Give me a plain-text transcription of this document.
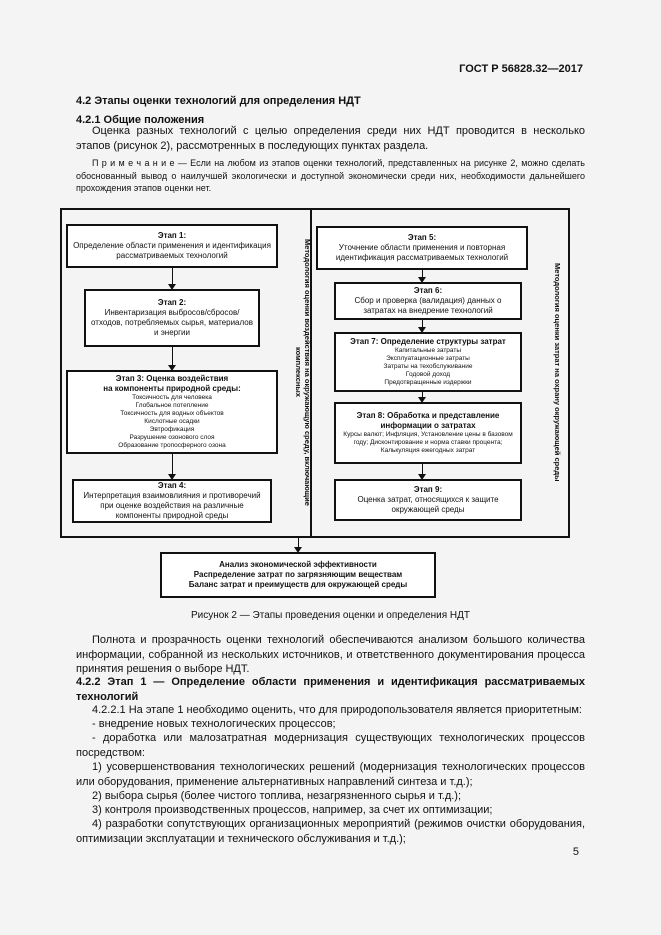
ГОСТ Р 56828.32—2017
4.2 Этапы оценки технологий для определения НДТ
4.2.1 Общие положения
Оценка разных технологий с целью определения среди них НДТ проводится в несколько этапов (рисунок 2), рассмотренных в последующих пунктах раздела.
П р и м е ч а н и е — Если на любом из этапов оценки технологий, представленных на рисунке 2, можно сделать обоснованный вывод о наилучшей экологически и доступной экономически среди них, необходимости дальнейшего прохождения этапов оценки нет.
Этап 1:
Определение области применения и идентификация рассматриваемых технологий
Этап 2:
Инвентаризация выбросов/сбросов/отходов, потребляемых сырья, материалов и энергии
Этап 3: Оценка воздействия
на компоненты природной среды:
Токсичность для человека
Глобальное потепление
Токсичность для водных объектов
Кислотные осадки
Эвтрофикация
Разрушение озонового слоя
Образование тропосферного озона
Этап 4:
Интерпретация взаимовлияния и противоречий при оценке воздействия на различные компоненты природной среды
Методология оценки воздействия на окружающую среду, включающие комплексных
Этап 5:
Уточнение области применения и повторная идентификация рассматриваемых технологий
Этап 6:
Сбор и проверка (валидация) данных о затратах на внедрение технологий
Этап 7: Определение структуры затрат
Капитальные затраты
Эксплуатационные затраты
Затраты на техобслуживание
Годовой доход
Предотвращенные издержки
Этап 8: Обработка и представление информации о затратах
Курсы валют; Инфляция, Установление цены в базовом году; Дисконтирование и норма ставки процента; Калькуляция ежегодных затрат
Этап 9:
Оценка затрат, относящихся к защите окружающей среды
Методология оценки затрат на охрану окружающей среды
Анализ экономической эффективности
Распределение затрат по загрязняющим веществам
Баланс затрат и преимуществ для окружающей среды
Рисунок 2 — Этапы проведения оценки и определения НДТ
Полнота и прозрачность оценки технологий обеспечиваются анализом большого количества информации, собранной из нескольких источников, и ответственного документирования процесса принятия решения о выборе НДТ.
4.2.2 Этап 1 — Определение области применения и идентификация рассматриваемых технологий
4.2.2.1 На этапе 1 необходимо оценить, что для природопользователя является приоритетным:
- внедрение новых технологических процессов;
- доработка или малозатратная модернизация существующих технологических процессов посредством:
1) усовершенствования технологических решений (модернизация технологических процессов или оборудования, применение альтернативных направлений синтеза и т.д.);
2) выбора сырья (более чистого топлива, незагрязненного сырья и т.д.);
3) контроля производственных процессов, например, за счет их оптимизации;
4) разработки сопутствующих организационных мероприятий (режимов очистки оборудования, оптимизации эксплуатации и технического обслуживания и т.д.);
5
